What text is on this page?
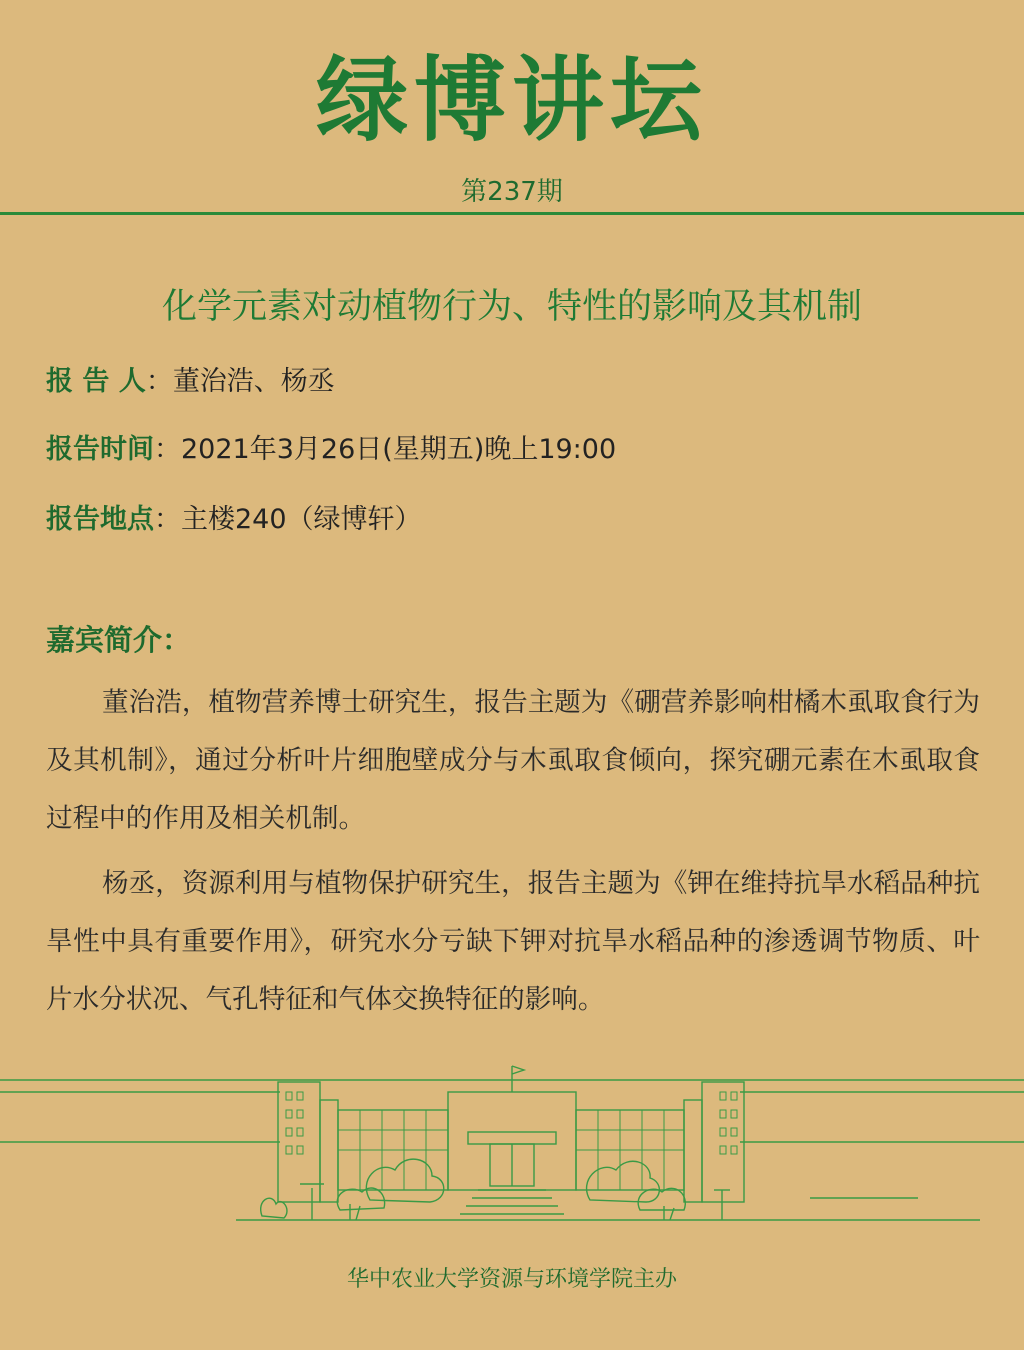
绿博讲坛
第237期
化学元素对动植物行为、特性的影响及其机制
报 告 人：董治浩、杨丞
报告时间：2021年3月26日(星期五)晚上19:00
报告地点：主楼240（绿博轩）
嘉宾简介：
董治浩，植物营养博士研究生，报告主题为《硼营养影响柑橘木虱取食行为及其机制》，通过分析叶片细胞壁成分与木虱取食倾向，探究硼元素在木虱取食过程中的作用及相关机制。
杨丞，资源利用与植物保护研究生，报告主题为《钾在维持抗旱水稻品种抗旱性中具有重要作用》，研究水分亏缺下钾对抗旱水稻品种的渗透调节物质、叶片水分状况、气孔特征和气体交换特征的影响。
华中农业大学资源与环境学院主办
